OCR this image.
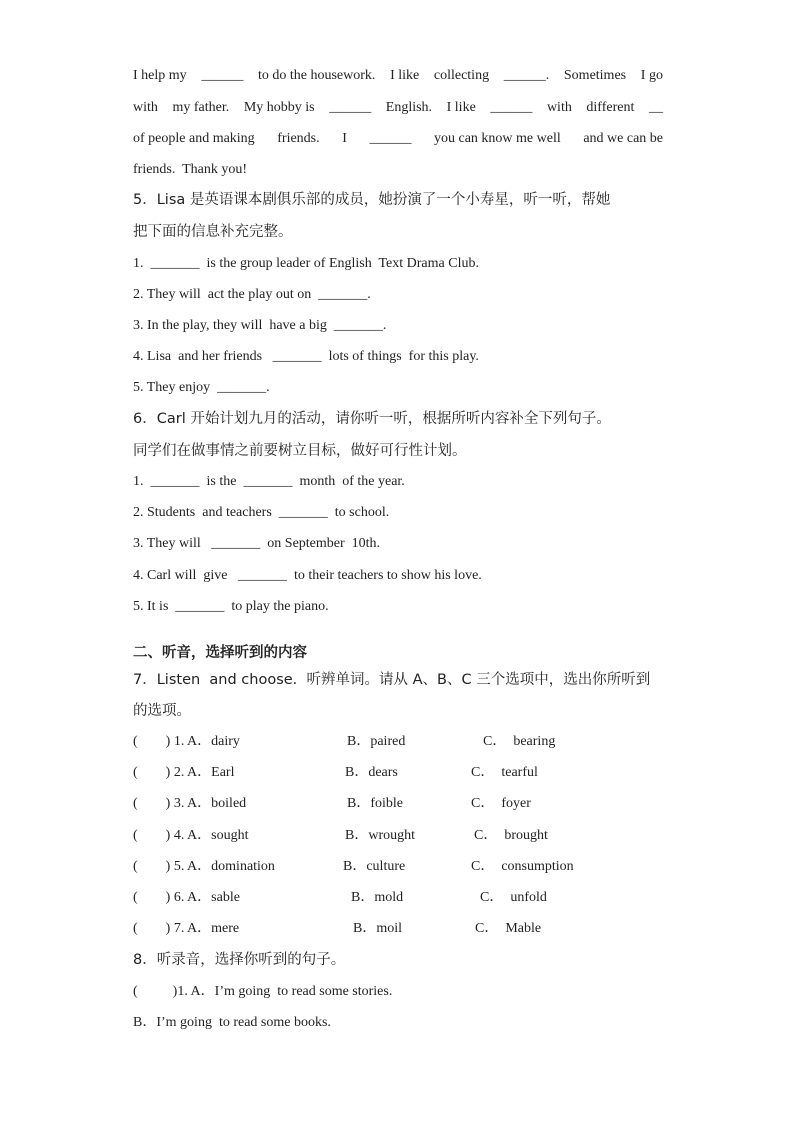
I help my ______ to do the housework. I like collecting ______. Sometimes I go
with my father. My hobby is ______ English. I like ______ with different __
of people and making friends. I ______ you can know me well and we can be
friends.  Thank you!
5．Lisa 是英语课本剧俱乐部的成员，她扮演了一个小寿星，听一听，帮她
把下面的信息补充完整。
1.  _______  is the group leader of English  Text Drama Club.
2. They will  act the play out on  _______.
3. In the play, they will  have a big  _______.
4. Lisa  and her friends   _______  lots of things  for this play.
5. They enjoy  _______.
6．Carl 开始计划九月的活动，请你听一听，根据所听内容补全下列句子。
同学们在做事情之前要树立目标，做好可行性计划。
1.  _______  is the  _______  month  of the year.
2. Students  and teachers  _______  to school.
3. They will   _______  on September  10th.
4. Carl will  give   _______  to their teachers to show his love.
5. It is  _______  to play the piano.
二、听音，选择听到的内容
7．Listen  and choose.  听辨单词。请从 A、B、C 三个选项中，选出你所听到
的选项。
(        ) 1. A．dairy	B．paired	C．  bearing
(        ) 2. A．Earl	B．dears	C．  tearful
(        ) 3. A．boiled	B．foible	C．  foyer
(        ) 4. A．sought	B．wrought	C．  brought
(        ) 5. A．domination	B．culture	C．  consumption
(        ) 6. A．sable	B．mold	C．  unfold
(        ) 7. A．mere	B．moil	C．  Mable
8．听录音，选择你听到的句子。
(          )1. A．I’m going  to read some stories.
B．I’m going  to read some books.
